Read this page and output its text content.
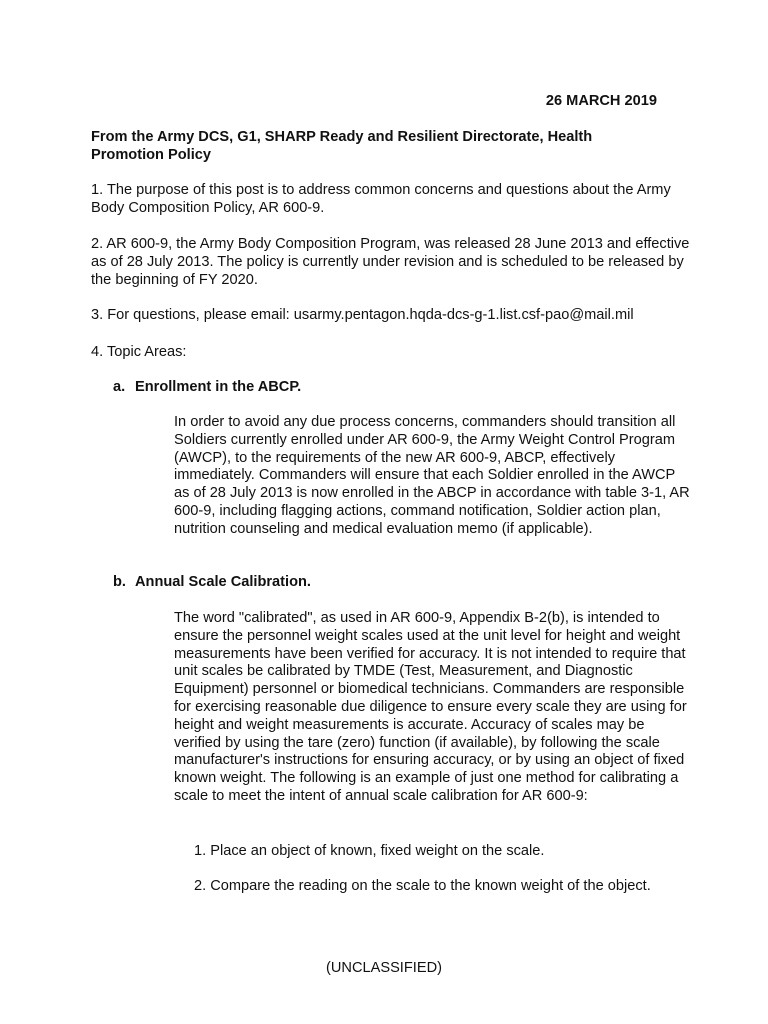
26 MARCH 2019
From the Army DCS, G1, SHARP Ready and Resilient Directorate, Health Promotion Policy
1. The purpose of this post is to address common concerns and questions about the Army Body Composition Policy, AR 600-9.
2. AR 600-9, the Army Body Composition Program, was released 28 June 2013 and effective as of 28 July 2013. The policy is currently under revision and is scheduled to be released by the beginning of FY 2020.
3. For questions, please email: usarmy.pentagon.hqda-dcs-g-1.list.csf-pao@mail.mil
4. Topic Areas:
a. Enrollment in the ABCP.
In order to avoid any due process concerns, commanders should transition all Soldiers currently enrolled under AR 600-9, the Army Weight Control Program (AWCP), to the requirements of the new AR 600-9, ABCP, effectively immediately. Commanders will ensure that each Soldier enrolled in the AWCP as of 28 July 2013 is now enrolled in the ABCP in accordance with table 3-1, AR 600-9, including flagging actions, command notification, Soldier action plan, nutrition counseling and medical evaluation memo (if applicable).
b. Annual Scale Calibration.
The word "calibrated", as used in AR 600-9, Appendix B-2(b), is intended to ensure the personnel weight scales used at the unit level for height and weight measurements have been verified for accuracy. It is not intended to require that unit scales be calibrated by TMDE (Test, Measurement, and Diagnostic Equipment) personnel or biomedical technicians. Commanders are responsible for exercising reasonable due diligence to ensure every scale they are using for height and weight measurements is accurate. Accuracy of scales may be verified by using the tare (zero) function (if available), by following the scale manufacturer's instructions for ensuring accuracy, or by using an object of fixed known weight. The following is an example of just one method for calibrating a scale to meet the intent of annual scale calibration for AR 600-9:
1. Place an object of known, fixed weight on the scale.
2. Compare the reading on the scale to the known weight of the object.
(UNCLASSIFIED)
